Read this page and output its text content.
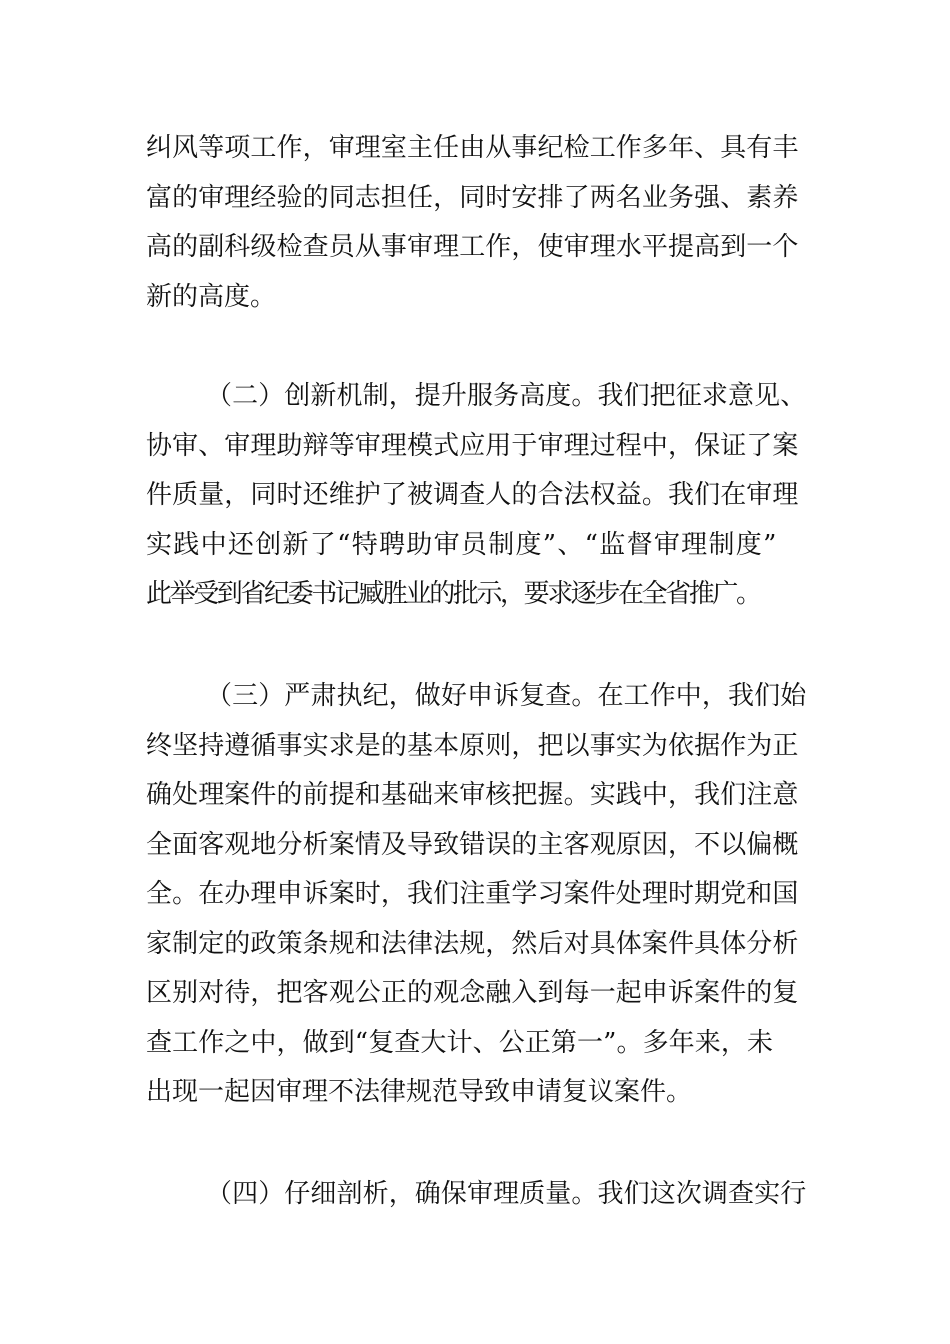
纠风等项工作，审理室主任由从事纪检工作多年、具有丰
富的审理经验的同志担任，同时安排了两名业务强、素养
高的副科级检查员从事审理工作，使审理水平提高到一个
新的高度。
（二）创新机制，提升服务高度。我们把征求意见、
协审、审理助辩等审理模式应用于审理过程中，保证了案
件质量，同时还维护了被调查人的合法权益。我们在审理
实践中还创新了“特聘助审员制度”、“监督审理制度”
此举受到省纪委书记臧胜业的批示，要求逐步在全省推广。
（三）严肃执纪，做好申诉复查。在工作中，我们始
终坚持遵循事实求是的基本原则，把以事实为依据作为正
确处理案件的前提和基础来审核把握。实践中，我们注意
全面客观地分析案情及导致错误的主客观原因，不以偏概
全。在办理申诉案时，我们注重学习案件处理时期党和国
家制定的政策条规和法律法规，然后对具体案件具体分析
区别对待，把客观公正的观念融入到每一起申诉案件的复
查工作之中，做到“复查大计、公正第一”。多年来，未
出现一起因审理不法律规范导致申请复议案件。
（四）仔细剖析，确保审理质量。我们这次调查实行
